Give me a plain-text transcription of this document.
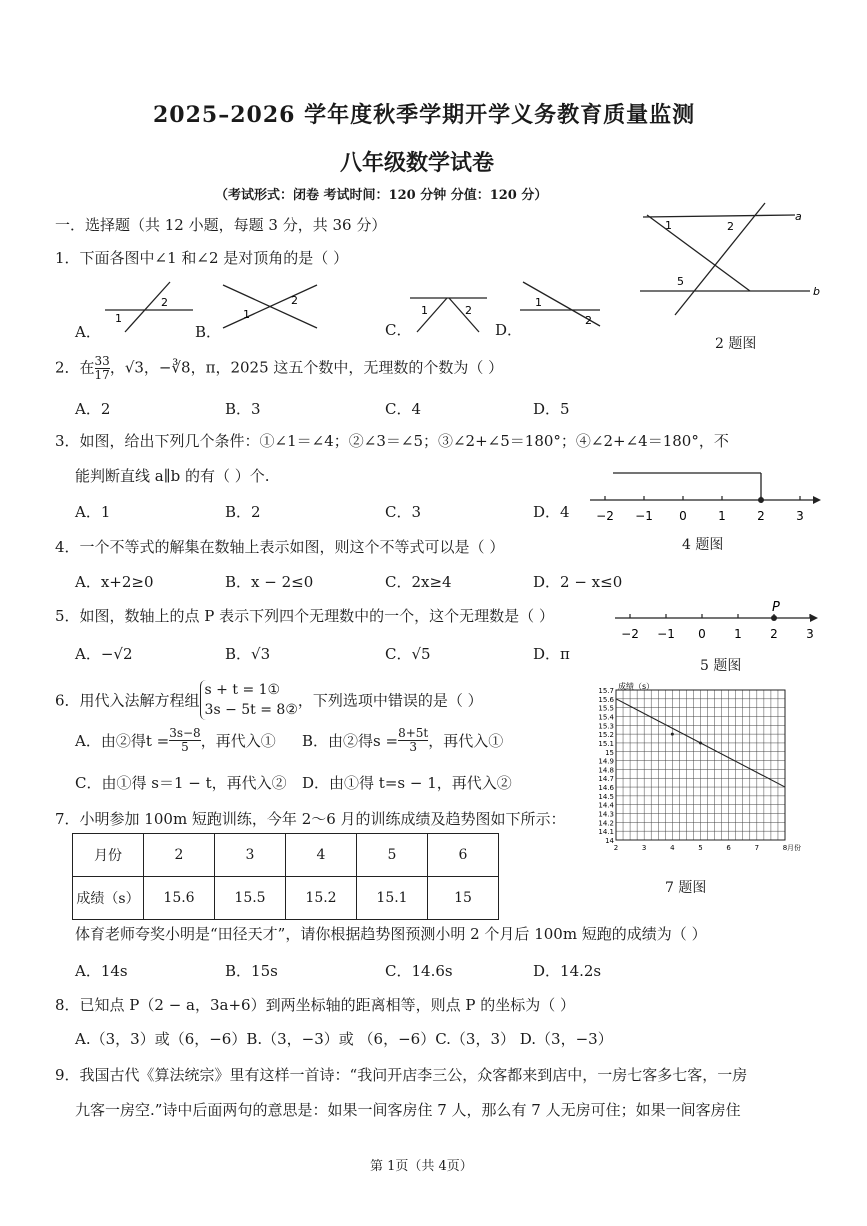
2025–2026 学年度秋季学期开学义务教育质量监测
八年级数学试卷
（考试形式：闭卷 考试时间：120 分钟 分值：120 分）
一．选择题（共 12 小题，每题 3 分，共 36 分）
1．下面各图中∠1 和∠2 是对顶角的是（ ）
A．	B．	C．	D．
1
2
1
2
1	2
1
2
2．在 $\frac{33}{17}$ ，√3，−∛8，π，2025 这五个数中，无理数的个数为（ ）
A．2	B．3	C．4	D．5
3．如图，给出下列几个条件：①∠1＝∠4；②∠3＝∠5；③∠2+∠5＝180°；④∠2+∠4＝180°，不
能判断直线 a∥b 的有（ ）个.
A．1	B．2	C．3	D．4
4．一个不等式的解集在数轴上表示如图，则这个不等式可以是（ ）
A．x+2≥0	B．x − 2≤0	C．2x≥4	D．2 − x≤0
5．如图，数轴上的点 P 表示下列四个无理数中的一个，这个无理数是（ ）
A．−√2	B．√3	C．√5	D．π
6．用代入法解方程组
s + t = 1①
3s − 5t = 8②
，下列选项中错误的是（ ）
A．由②得$t = \frac{3s-8}{5}$ ，再代入① B．由②得$s = \frac{8+5t}{3}$ ，再代入①
C．由①得 s＝1 − t，再代入② D．由①得 t=s − 1，再代入②
7．小明参加 100m 短跑训练，今年 2～6 月的训练成绩及趋势图如下所示：
月份	2	3	4	5	6
成绩（s）	15.6	15.5	15.2	15.1	15
体育老师夸奖小明是“田径天才”，请你根据趋势图预测小明 2 个月后 100m 短跑的成绩为（ ）
A．14s	B．15s	C．14.6s	D．14.2s
8．已知点 P（2 − a，3a+6）到两坐标轴的距离相等，则点 P 的坐标为（ ）
A.（3，3）或（6，−6）B.（3，−3）或 （6，−6）C.（3，3） D.（3，−3）
9．我国古代《算法统宗》里有这样一首诗：“我问开店李三公，众客都来到店中，一房七客多七客，一房
九客一房空.”诗中后面两句的意思是：如果一间客房住 7 人，那么有 7 人无房可住；如果一间客房住
第 1页（共 4页）
1	2
5
a
b
2 题图
−2 −1 0	1	2	3
4 题图
P
−2 −1 0 1 2 3
5 题图
14
14.1
14.2
14.3
14.4
14.5
14.6
14.7
14.8
14.9
15
15.1
15.2
15.3
15.4
15.5
15.6
15.7
2	3	4	5	6	7	8
成绩（s）
月份
7 题图
